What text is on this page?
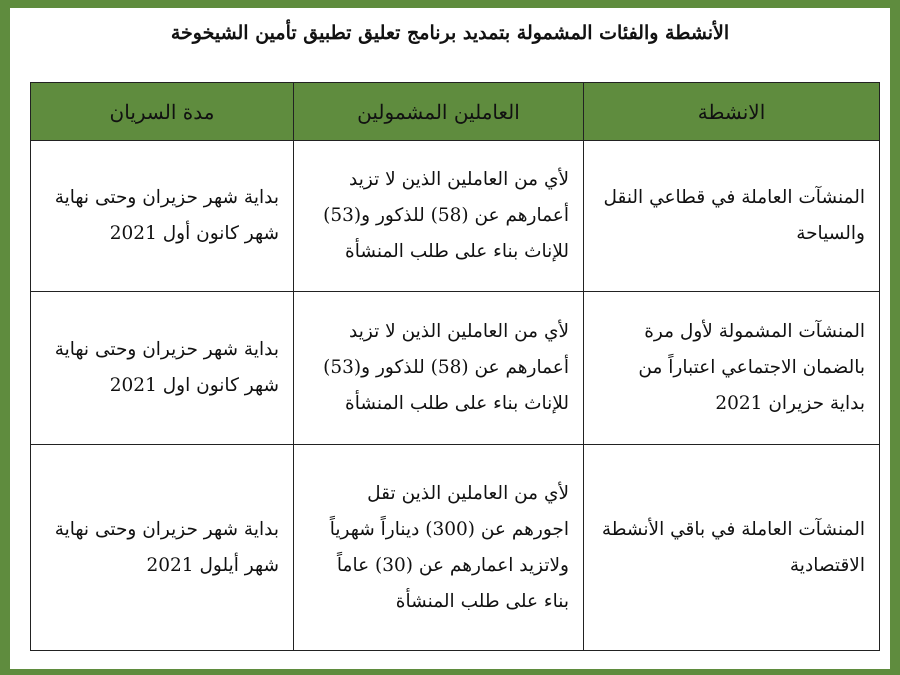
الأنشطة والفئات المشمولة بتمديد برنامج تعليق تطبيق تأمين الشيخوخة
الانشطة	العاملين المشمولين	مدة السريان

المنشآت العاملة في قطاعي النقل والسياحة	لأي من العاملين الذين لا تزيد أعمارهم عن (58) للذكور و(53) للإناث بناء على طلب المنشأة	بداية شهر حزيران وحتى نهاية شهر كانون أول 2021

المنشآت المشمولة لأول مرة بالضمان الاجتماعي اعتباراً من بداية حزيران 2021	لأي من العاملين الذين لا تزيد أعمارهم عن (58) للذكور و(53) للإناث بناء على طلب المنشأة	بداية شهر حزيران وحتى نهاية شهر كانون اول 2021

المنشآت العاملة في باقي الأنشطة الاقتصادية	لأي من العاملين الذين تقل اجورهم عن (300) ديناراً شهرياً ولاتزيد اعمارهم عن (30) عاماً بناء على طلب المنشأة	بداية شهر حزيران وحتى نهاية شهر أيلول 2021
